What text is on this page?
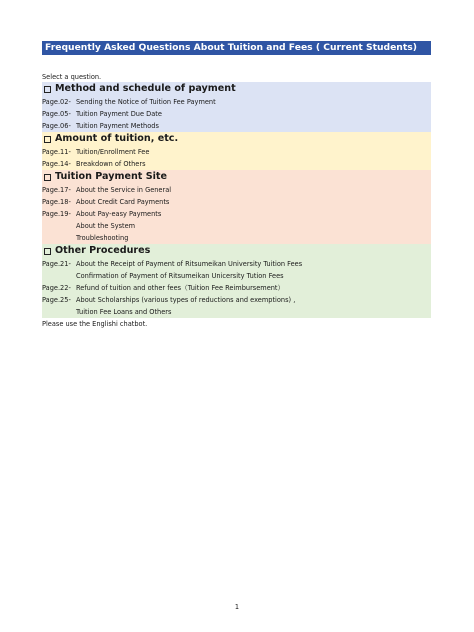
Frequently Asked Questions About Tuition and Fees ( Current Students)
Select a question.
Method and schedule of payment
Page.02- Sending the Notice of Tuition Fee Payment
Page.05- Tuition Payment Due Date
Page.06- Tuition Payment Methods
Amount of tuition, etc.
Page.11- Tuition/Enrollment Fee
Page.14- Breakdown of Others
Tuition Payment Site
Page.17- About the Service in General
Page.18- About Credit Card Payments
Page.19- About Pay-easy Payments
About the System
Troubleshooting
Other Procedures
Page.21- About the Receipt of Payment of Ritsumeikan University Tuition Fees
Confirmation of Payment of Ritsumeikan Unicersity Tution Fees
Page.22- Refund of tuition and other fees（Tuition Fee Reimbursement）
Page.25- About Scholarships (various types of reductions and exemptions) ,
Tuition Fee Loans and Others
Please use the Englishi chatbot.
1
